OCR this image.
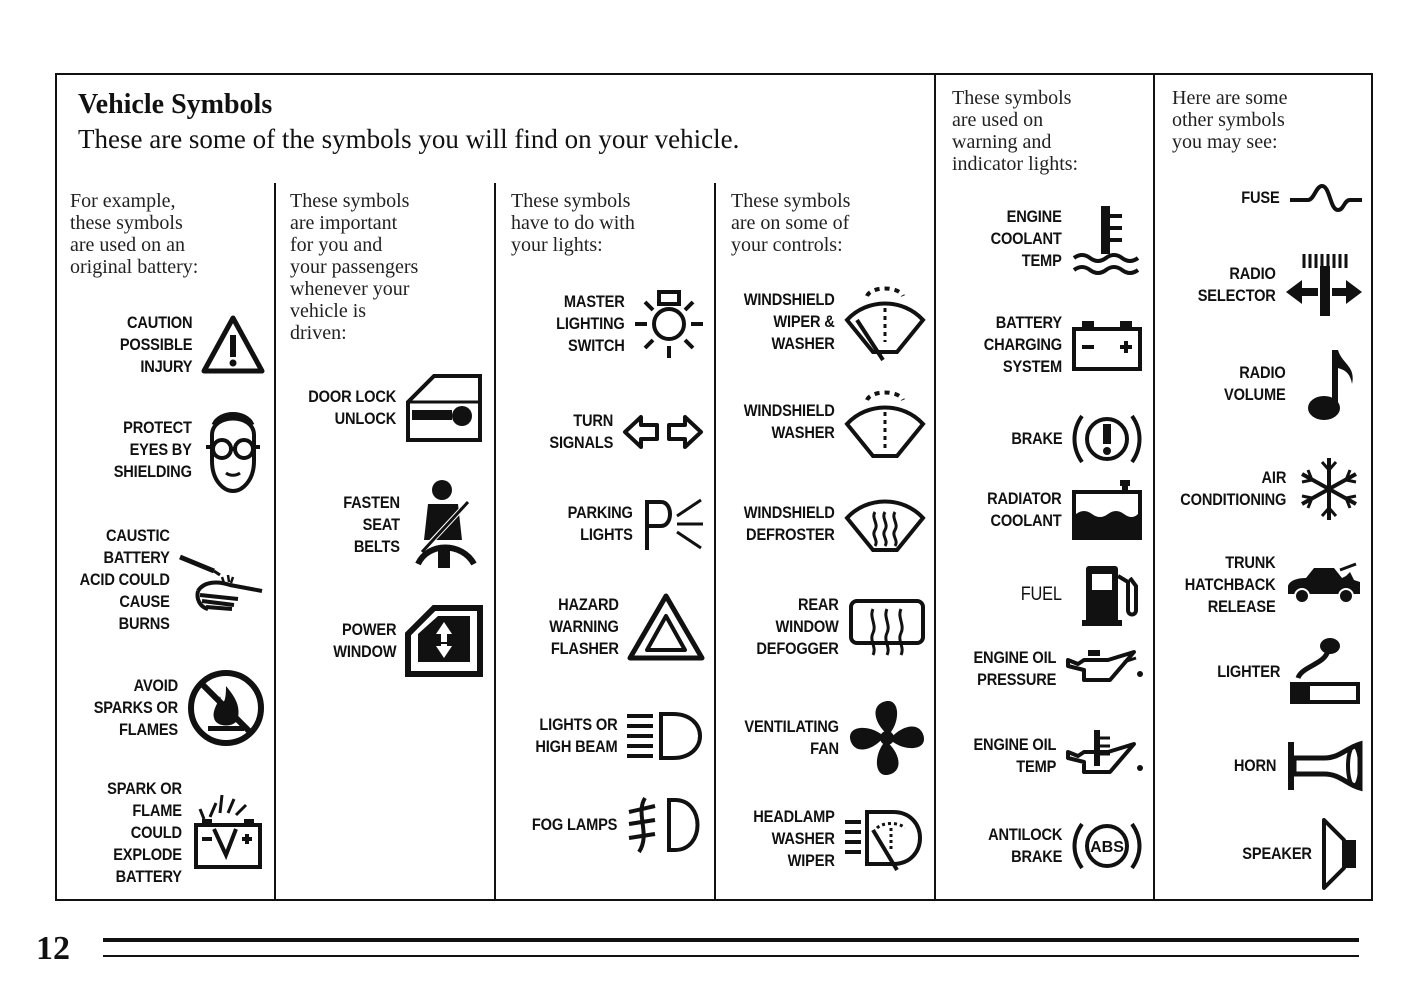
Vehicle Symbols
These are some of the symbols you will find on your vehicle.
For example,
these symbols
are used on an
original battery:
CAUTION
POSSIBLE
INJURY
PROTECT
EYES BY
SHIELDING
CAUSTIC
BATTERY
ACID COULD
CAUSE
BURNS
AVOID
SPARKS OR
FLAMES
SPARK OR
FLAME
COULD
EXPLODE
BATTERY
These symbols
are important
for you and
your passengers
whenever your
vehicle is
driven:
DOOR LOCK
UNLOCK
FASTEN
SEAT
BELTS
POWER
WINDOW
These symbols
have to do with
your lights:
MASTER
LIGHTING
SWITCH
TURN
SIGNALS
PARKING
LIGHTS
HAZARD
WARNING
FLASHER
LIGHTS OR
HIGH BEAM
FOG LAMPS
These symbols
are on some of
your controls:
WINDSHIELD
WIPER &
WASHER
WINDSHIELD
WASHER
WINDSHIELD
DEFROSTER
REAR
WINDOW
DEFOGGER
VENTILATING
FAN
HEADLAMP
WASHER
WIPER
These symbols
are used on
warning and
indicator lights:
ENGINE
COOLANT
TEMP
BATTERY
CHARGING
SYSTEM
BRAKE
RADIATOR
COOLANT
FUEL
ENGINE OIL
PRESSURE
ENGINE OIL
TEMP
ANTILOCK
BRAKE ABS
Here are some
other symbols
you may see:
FUSE
RADIO
SELECTOR
RADIO
VOLUME
AIR
CONDITIONING
TRUNK
HATCHBACK
RELEASE
LIGHTER
HORN
SPEAKER
12
